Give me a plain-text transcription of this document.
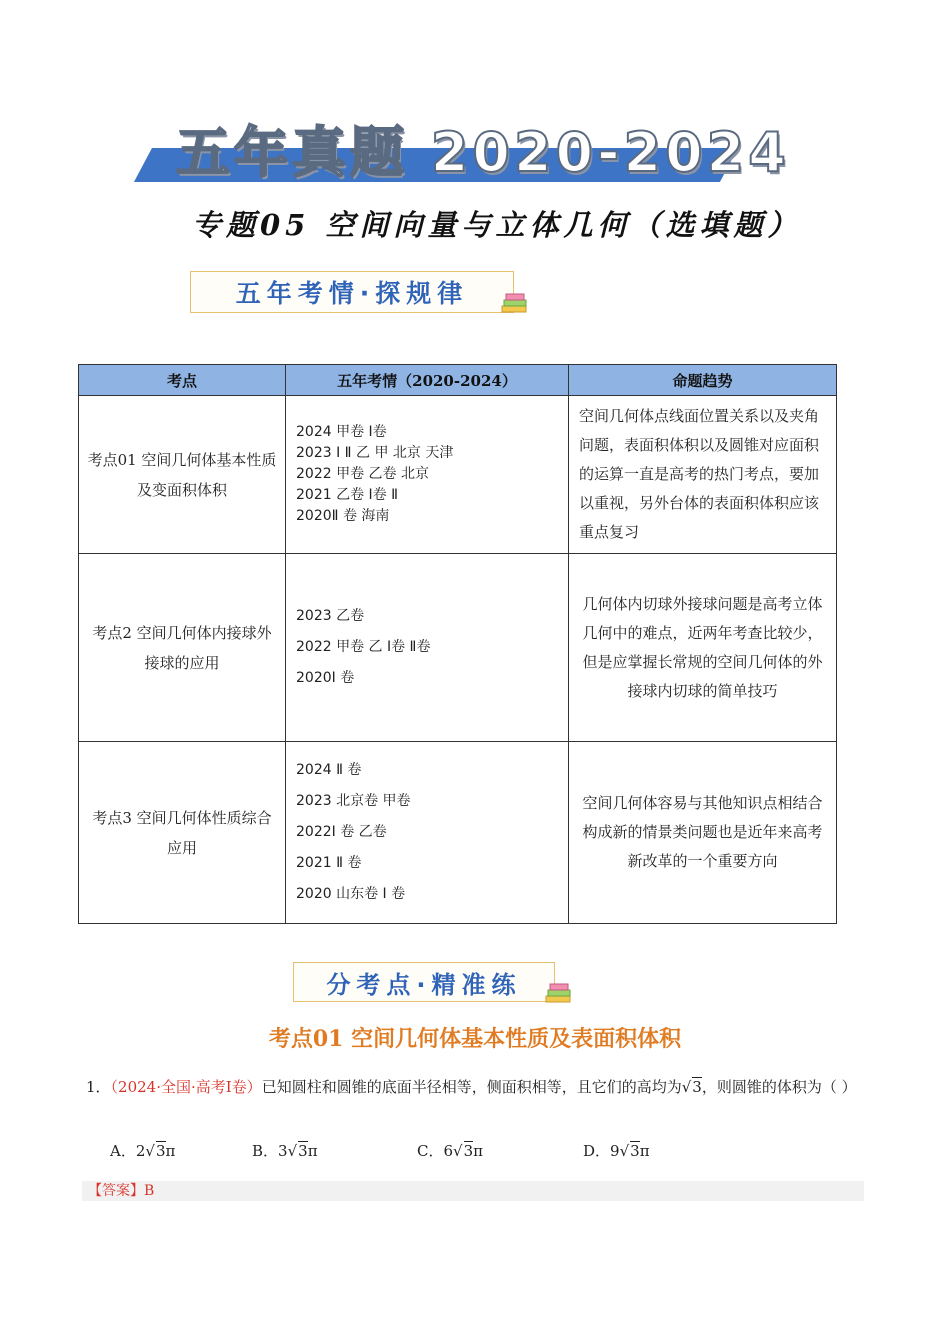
五年真题 2020-2024
专题05 空间向量与立体几何（选填题）
五年考情·探规律
考点	五年考情（2020-2024）	命题趋势
考点01 空间几何体基本性质及变面积体积	2024 甲卷 Ⅰ卷
2023 Ⅰ Ⅱ 乙 甲 北京 天津
2022 甲卷 乙卷 北京
2021 乙卷 Ⅰ卷 Ⅱ
2020Ⅱ 卷 海南	空间几何体点线面位置关系以及夹角问题，表面积体积以及圆锥对应面积的运算一直是高考的热门考点，要加以重视，另外台体的表面积体积应该重点复习
考点2 空间几何体内接球外接球的应用	2023 乙卷
2022 甲卷 乙 Ⅰ卷 Ⅱ卷
2020Ⅰ 卷	几何体内切球外接球问题是高考立体几何中的难点，近两年考查比较少，但是应掌握长常规的空间几何体的外接球内切球的简单技巧
考点3 空间几何体性质综合应用	2024 Ⅱ 卷
2023 北京卷 甲卷
2022Ⅰ 卷 乙卷
2021 Ⅱ 卷
2020 山东卷 Ⅰ 卷	空间几何体容易与其他知识点相结合构成新的情景类问题也是近年来高考新改革的一个重要方向
分考点·精准练
考点01 空间几何体基本性质及表面积体积
1．（2024·全国·高考Ⅰ卷）已知圆柱和圆锥的底面半径相等，侧面积相等，且它们的高均为√3，则圆锥的体积为（ ）
A．2√3π	B．3√3π	C．6√3π	D．9√3π
【答案】B
